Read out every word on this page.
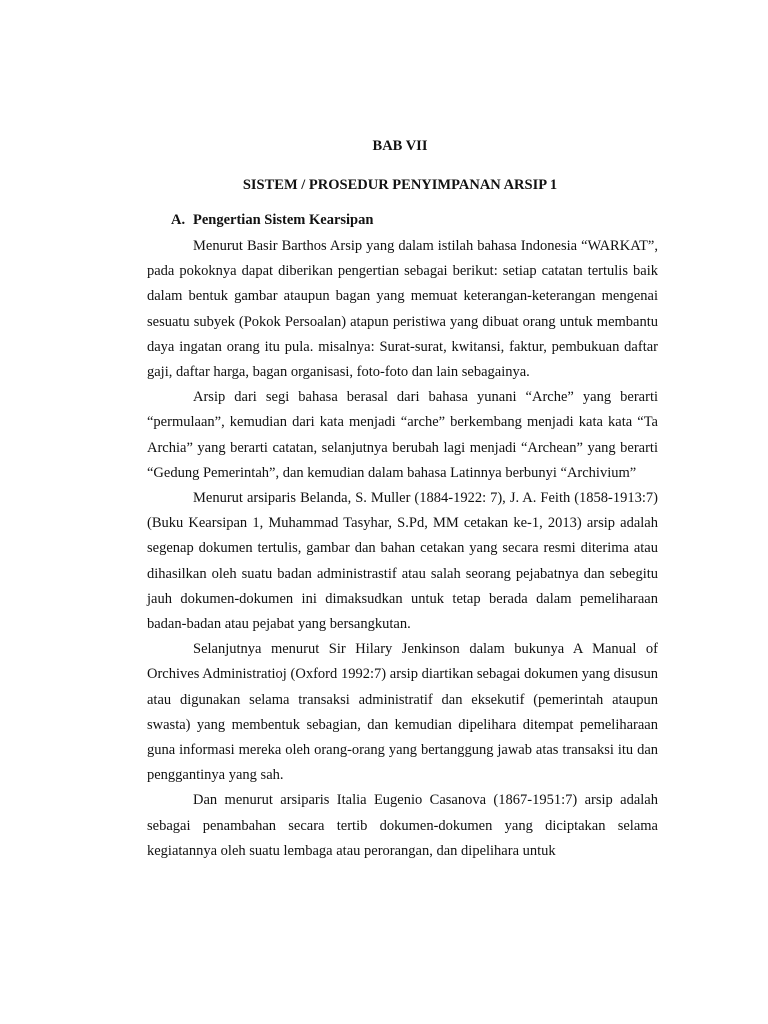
BAB VII
SISTEM / PROSEDUR PENYIMPANAN ARSIP 1
A. Pengertian Sistem Kearsipan

Menurut Basir Barthos Arsip yang dalam istilah bahasa Indonesia “WARKAT”, pada pokoknya dapat diberikan pengertian sebagai berikut: setiap catatan tertulis baik dalam bentuk gambar ataupun bagan yang memuat keterangan-keterangan mengenai sesuatu subyek (Pokok Persoalan) atapun peristiwa yang dibuat orang untuk membantu daya ingatan orang itu pula. misalnya: Surat-surat, kwitansi, faktur, pembukuan daftar gaji, daftar harga, bagan organisasi, foto-foto dan lain sebagainya.

Arsip dari segi bahasa berasal dari bahasa yunani “Arche” yang berarti “permulaan”, kemudian dari kata menjadi “arche” berkembang menjadi kata kata “Ta Archia” yang berarti catatan, selanjutnya berubah lagi menjadi “Archean” yang berarti “Gedung Pemerintah”, dan kemudian dalam bahasa Latinnya berbunyi “Archivium”

Menurut arsiparis Belanda, S. Muller (1884-1922: 7), J. A. Feith (1858-1913:7) (Buku Kearsipan 1, Muhammad Tasyhar, S.Pd, MM cetakan ke-1, 2013) arsip adalah segenap dokumen tertulis, gambar dan bahan cetakan yang secara resmi diterima atau dihasilkan oleh suatu badan administrastif atau salah seorang pejabatnya dan sebegitu jauh dokumen-dokumen ini dimaksudkan untuk tetap berada dalam pemeliharaan badan-badan atau pejabat yang bersangkutan.

Selanjutnya menurut Sir Hilary Jenkinson dalam bukunya A Manual of Orchives Administratioj (Oxford 1992:7) arsip diartikan sebagai dokumen yang disusun atau digunakan selama transaksi administratif dan eksekutif (pemerintah ataupun swasta) yang membentuk sebagian, dan kemudian dipelihara ditempat pemeliharaan guna informasi mereka oleh orang-orang yang bertanggung jawab atas transaksi itu dan penggantinya yang sah.

Dan menurut arsiparis Italia Eugenio Casanova (1867-1951:7) arsip adalah sebagai penambahan secara tertib dokumen-dokumen yang diciptakan selama kegiatannya oleh suatu lembaga atau perorangan, dan dipelihara untuk
